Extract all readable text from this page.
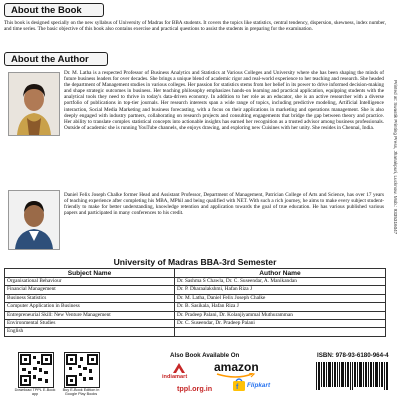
About the Book

This book is designed specially on the new syllabus of University of Madras for BBA students. It covers the topics like statistics, central tendency, dispersion, skewness, index number, and time series. The basic objective of this book also contains exercise and practical questions to assist the students in preparing for the examination.

About the Author

Dr. M. Latha is a respected Professor of Business Analytics and Statistics at Various Colleges and University where she has been shaping the minds of future business leaders for over decades. She brings a unique blend of academic rigor and real-world experience to her teaching and research. She headed the department of Management studies in various colleges. Her passion for statistics stems from her belief in its power to drive informed decision-making and shape strategic outcomes in business. Her teaching philosophy emphasizes hands-on learning and practical application, equipping students with the analytical tools they need to thrive in today's data-driven economy. In addition to her role as an educator, she is an active researcher with a diverse portfolio of publications in top-tier journals. Her research interests span a wide range of topics, including predictive modeling, Artificial Intelligence interaction, Social Media Marketing and business forecasting, with a focus on their applications in marketing and operations management. She is also deeply engaged with industry partners, collaborating on research projects and consulting engagements that bridge the gap between theory and practice. Her ability to translate complex statistical concepts into actionable insights has earned her recognition as a trusted advisor among business professionals. Outside of academic she is running YouTube channels, she enjoys drawing, and exploring new Cuisines with her unity. She resides in Chennai, India.

Daniel Felix Joseph Chalke former Head and Assistant Professor, Department of Management, Patrician College of Arts and Science, has over 17 years of teaching experience after completing his MBA, MPhil and being qualified with NET. With such a rich journey, he aims to make every subject student-friendly to make for better understanding, knowledge retention and application towards the goal of true education. He has various published various papers and participated in many conferences to his credit.	Printed at: Swastik Printing Press, Jhanakpuri, Lucknow. Mob.: 9335316047
University of Madras BBA-3rd Semester
Subject Name	Author Name
Organisational Behaviour	Dr. Sashma S Chawla, Dr. C. Suseendar, A. Manikandan
Financial Management	Dr. P. Dharaalakshmi, Hafan Riza J
Business Statistics	Dr. M. Latha, Daniel Felix Joseph Chalke
Computer Application in Business	Dr. B. Sasikala, Hafan Riza J
Entrepreneurial Skill: New Venture Management	Dr. Pradeep Palani, Dr. Kolanjiyammal Muthuramman
Environmental Studies	Dr. C. Suseendar, Dr. Pradeep Palani
English	
Download TPPL E-Book app
Buy E-Book Edition in Google Play Books
Also Book Available On
indiamart
amazon
tppl.org.in	f Flipkart
ISBN: 978-93-6180-964-4
